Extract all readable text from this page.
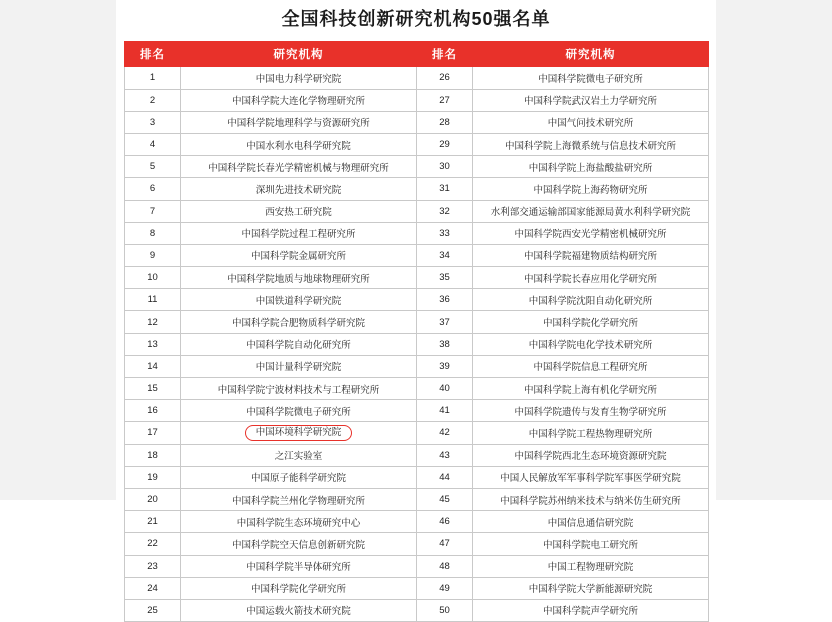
全国科技创新研究机构50强名单
排名	研究机构	排名	研究机构
1	中国电力科学研究院	26	中国科学院微电子研究所
2	中国科学院大连化学物理研究所	27	中国科学院武汉岩土力学研究所
3	中国科学院地理科学与资源研究所	28	中国气问技术研究所
4	中国水利水电科学研究院	29	中国科学院上海微系统与信息技术研究所
5	中国科学院长春光学精密机械与物理研究所	30	中国科学院上海盐酸盐研究所
6	深圳先进技术研究院	31	中国科学院上海药物研究所
7	西安热工研究院	32	水利部交通运输部国家能源局黄水利科学研究院
8	中国科学院过程工程研究所	33	中国科学院西安光学精密机械研究所
9	中国科学院金属研究所	34	中国科学院福建物质结构研究所
10	中国科学院地质与地球物理研究所	35	中国科学院长春应用化学研究所
11	中国铁道科学研究院	36	中国科学院沈阳自动化研究所
12	中国科学院合肥物质科学研究院	37	中国科学院化学研究所
13	中国科学院自动化研究所	38	中国科学院电化学技术研究所
14	中国计量科学研究院	39	中国科学院信息工程研究所
15	中国科学院宁波材料技术与工程研究所	40	中国科学院上海有机化学研究所
16	中国科学院微电子研究所	41	中国科学院遗传与发育生物学研究所
17	中国环境科学研究院	42	中国科学院工程热物理研究所
18	之江实验室	43	中国科学院西北生态环境资源研究院
19	中国原子能科学研究院	44	中国人民解放军军事科学院军事医学研究院
20	中国科学院兰州化学物理研究所	45	中国科学院苏州纳米技术与纳米仿生研究所
21	中国科学院生态环境研究中心	46	中国信息通信研究院
22	中国科学院空天信息创新研究院	47	中国科学院电工研究所
23	中国科学院半导体研究所	48	中国工程物理研究院
24	中国科学院化学研究所	49	中国科学院大学新能源研究院
25	中国运载火箭技术研究院	50	中国科学院声学研究所
